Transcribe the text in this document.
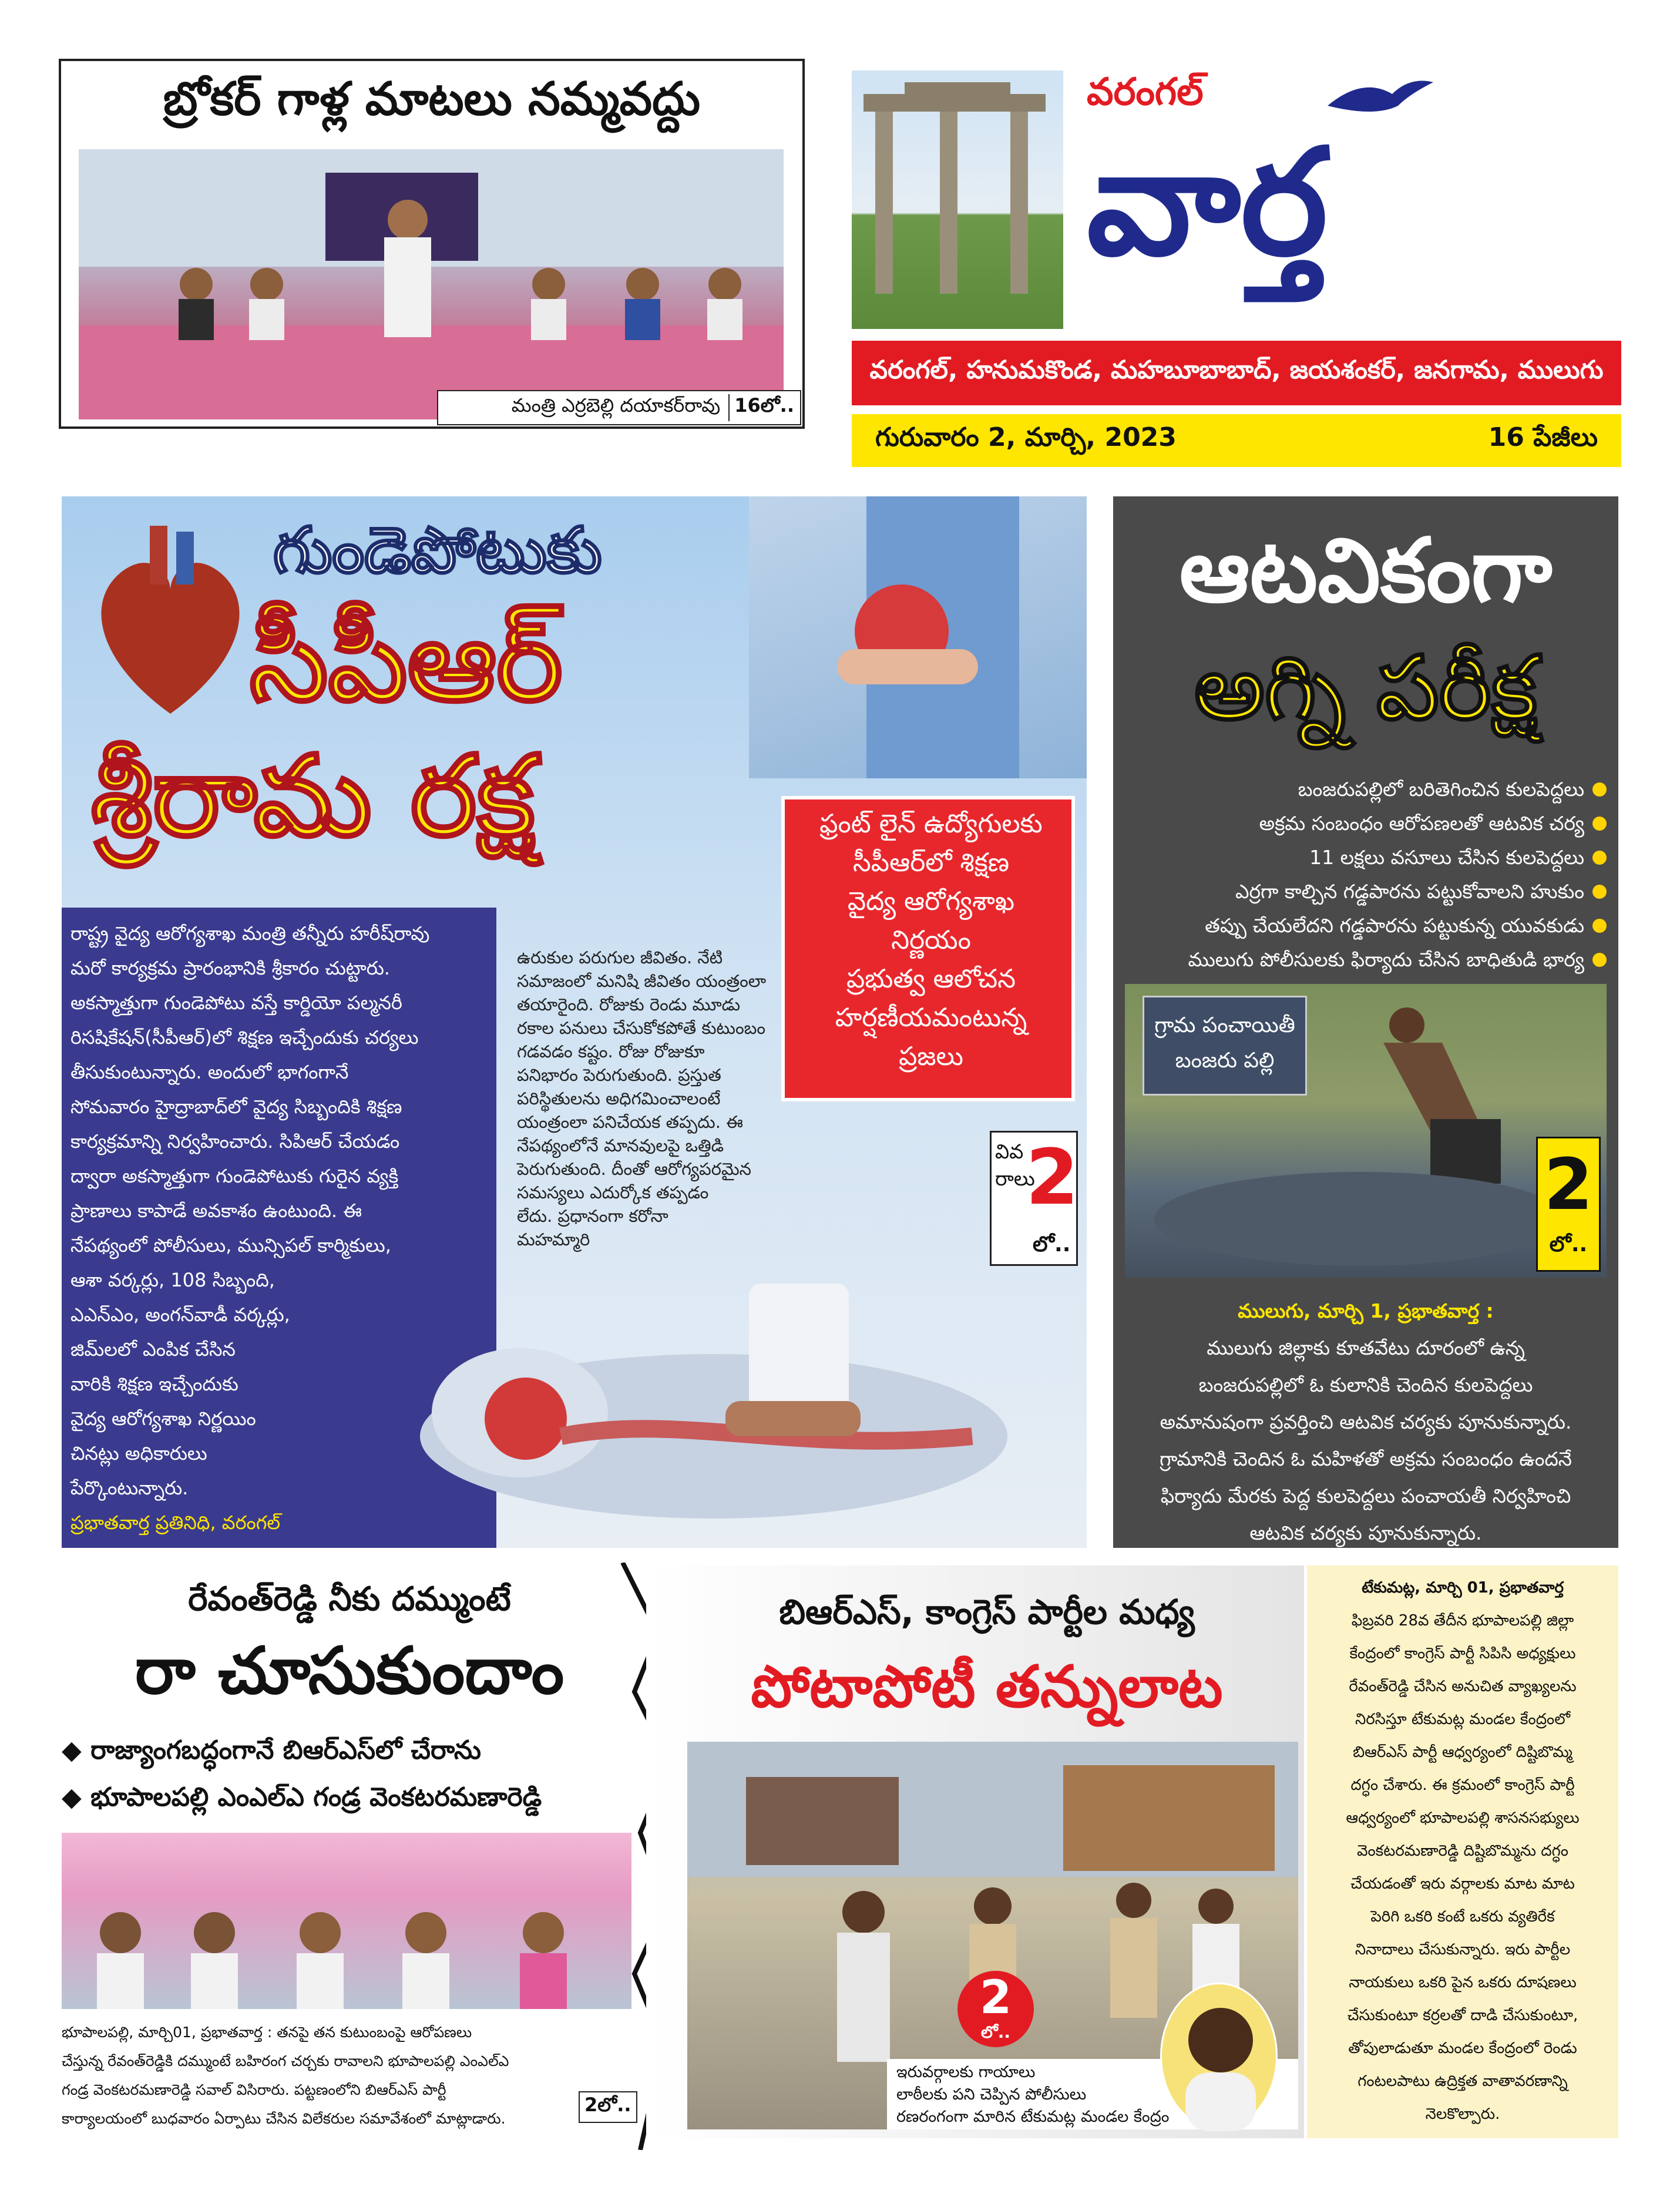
బ్రోకర్ గాళ్ల మాటలు నమ్మవద్దు
మంత్రి ఎర్రబెల్లి దయాకర్‌రావు 16లో..
వరంగల్
వార్త
వరంగల్, హనుమకొండ, మహబూబాబాద్, జయశంకర్, జనగామ, ములుగు
గురువారం 2, మార్చి, 2023	16 పేజీలు
గుండెపోటుకు
సీపీఆర్
శ్రీరామ రక్ష
వివరాలు
2
లో..
ఫ్రంట్ లైన్ ఉద్యోగులకు
సీపీఆర్‌లో శిక్షణ
వైద్య ఆరోగ్యశాఖ
నిర్ణయం
ప్రభుత్వ ఆలోచన
హర్షణీయమంటున్న
ప్రజలు
రాష్ట్ర వైద్య ఆరోగ్యశాఖ మంత్రి తన్నీరు హరీష్‌రావు
మరో కార్యక్రమ ప్రారంభానికి శ్రీకారం చుట్టారు.
అకస్మాత్తుగా గుండెపోటు వస్తే కార్డియో పల్మనరీ
రిసషికేషన్(సీపీఆర్)లో శిక్షణ ఇచ్చేందుకు చర్యలు
తీసుకుంటున్నారు. అందులో భాగంగానే
సోమవారం హైద్రాబాద్‌లో వైద్య సిబ్బందికి శిక్షణ
కార్యక్రమాన్ని నిర్వహించారు. సిపిఆర్ చేయడం
ద్వారా అకస్మాత్తుగా గుండెపోటుకు గురైన వ్యక్తి
ప్రాణాలు కాపాడే అవకాశం ఉంటుంది. ఈ
నేపథ్యంలో పోలీసులు, మున్సిపల్ కార్మికులు,
ఆశా వర్కర్లు, 108 సిబ్బంది,
ఎఎన్ఎం, అంగన్‌వాడీ వర్కర్లు,
జిమ్‌లలో ఎంపిక చేసిన
వారికి శిక్షణ ఇచ్చేందుకు
వైద్య ఆరోగ్యశాఖ నిర్ణయిం
చినట్లు అధికారులు
పేర్కొంటున్నారు.
ప్రభాతవార్త ప్రతినిధి, వరంగల్
ఉరుకుల పరుగుల జీవితం. నేటి
సమాజంలో మనిషి జీవితం యంత్రంలా
తయారైంది. రోజుకు రెండు మూడు
రకాల పనులు చేసుకోకపోతే కుటుంబం
గడవడం కష్టం. రోజు రోజుకూ
పనిభారం పెరుగుతుంది. ప్రస్తుత
పరిస్థితులను అధిగమించాలంటే
యంత్రంలా పనిచేయక తప్పదు. ఈ
నేపథ్యంలోనే మానవులపై ఒత్తిడి
పెరుగుతుంది. దీంతో ఆరోగ్యపరమైన
సమస్యలు ఎదుర్కోక తప్పడం
లేదు. ప్రధానంగా కరోనా
మహమ్మారి
ఆటవికంగా
అగ్ని పరీక్ష
బంజరుపల్లిలో బరితెగించిన కులపెద్దలు
అక్రమ సంబంధం ఆరోపణలతో ఆటవిక చర్య
11 లక్షలు వసూలు చేసిన కులపెద్దలు
ఎర్రగా కాల్చిన గడ్డపారను పట్టుకోవాలని హుకుం
తప్పు చేయలేదని గడ్డపారను పట్టుకున్న యువకుడు
ములుగు పోలీసులకు ఫిర్యాదు చేసిన బాధితుడి భార్య
గ్రామ పంచాయితీ
బంజరు పల్లి
2
లో..
ములుగు, మార్చి 1, ప్రభాతవార్త :
ములుగు జిల్లాకు కూతవేటు దూరంలో ఉన్న
బంజరుపల్లిలో ఓ కులానికి చెందిన కులపెద్దలు
అమానుషంగా ప్రవర్తించి ఆటవిక చర్యకు పూనుకున్నారు.
గ్రామానికి చెందిన ఓ మహిళతో అక్రమ సంబంధం ఉందనే
ఫిర్యాదు మేరకు పెద్ద కులపెద్దలు పంచాయతీ నిర్వహించి
ఆటవిక చర్యకు పూనుకున్నారు.
రేవంత్‌రెడ్డి నీకు దమ్ముంటే
రా చూసుకుందాం
◆ రాజ్యాంగబద్ధంగానే బిఆర్ఎస్‌లో చేరాను
◆ భూపాలపల్లి ఎంఎల్ఎ గండ్ర వెంకటరమణారెడ్డి
భూపాలపల్లి, మార్చి01, ప్రభాతవార్త : తనపై తన కుటుంబంపై ఆరోపణలు
చేస్తున్న రేవంత్‌రెడ్డికి దమ్ముంటే బహిరంగ చర్చకు రావాలని భూపాలపల్లి ఎంఎల్ఎ
గండ్ర వెంకటరమణారెడ్డి సవాల్ విసిరారు. పట్టణంలోని బిఆర్ఎస్ పార్టీ
కార్యాలయంలో బుధవారం ఏర్పాటు చేసిన విలేకరుల సమావేశంలో మాట్లాడారు.
2లో..
బిఆర్ఎస్, కాంగ్రెస్ పార్టీల మధ్య
పోటాపోటీ తన్నులాట
2
లో..
ఇరువర్గాలకు గాయాలు
లాఠీలకు పని చెప్పిన పోలీసులు
రణరంగంగా మారిన టేకుమట్ల మండల కేంద్రం
టేకుమట్ల, మార్చి 01, ప్రభాతవార్త
ఫిబ్రవరి 28వ తేదీన భూపాలపల్లి జిల్లా
కేంద్రంలో కాంగ్రెస్ పార్టీ సిపిసి అధ్యక్షులు
రేవంత్‌రెడ్డి చేసిన అనుచిత వ్యాఖ్యలను
నిరసిస్తూ టేకుమట్ల మండల కేంద్రంలో
బిఆర్ఎస్ పార్టీ ఆధ్వర్యంలో దిష్టిబొమ్మ
దగ్ధం చేశారు. ఈ క్రమంలో కాంగ్రెస్ పార్టీ
ఆధ్వర్యంలో భూపాలపల్లి శాసనసభ్యులు
వెంకటరమణారెడ్డి దిష్టిబొమ్మను దగ్ధం
చేయడంతో ఇరు వర్గాలకు మాట మాట
పెరిగి ఒకరి కంటే ఒకరు వ్యతిరేక
నినాదాలు చేసుకున్నారు. ఇరు పార్టీల
నాయకులు ఒకరి పైన ఒకరు దూషణలు
చేసుకుంటూ కర్రలతో దాడి చేసుకుంటూ,
తోపులాడుతూ మండల కేంద్రంలో రెండు
గంటలపాటు ఉద్రిక్తత వాతావరణాన్ని
నెలకొల్పారు.
